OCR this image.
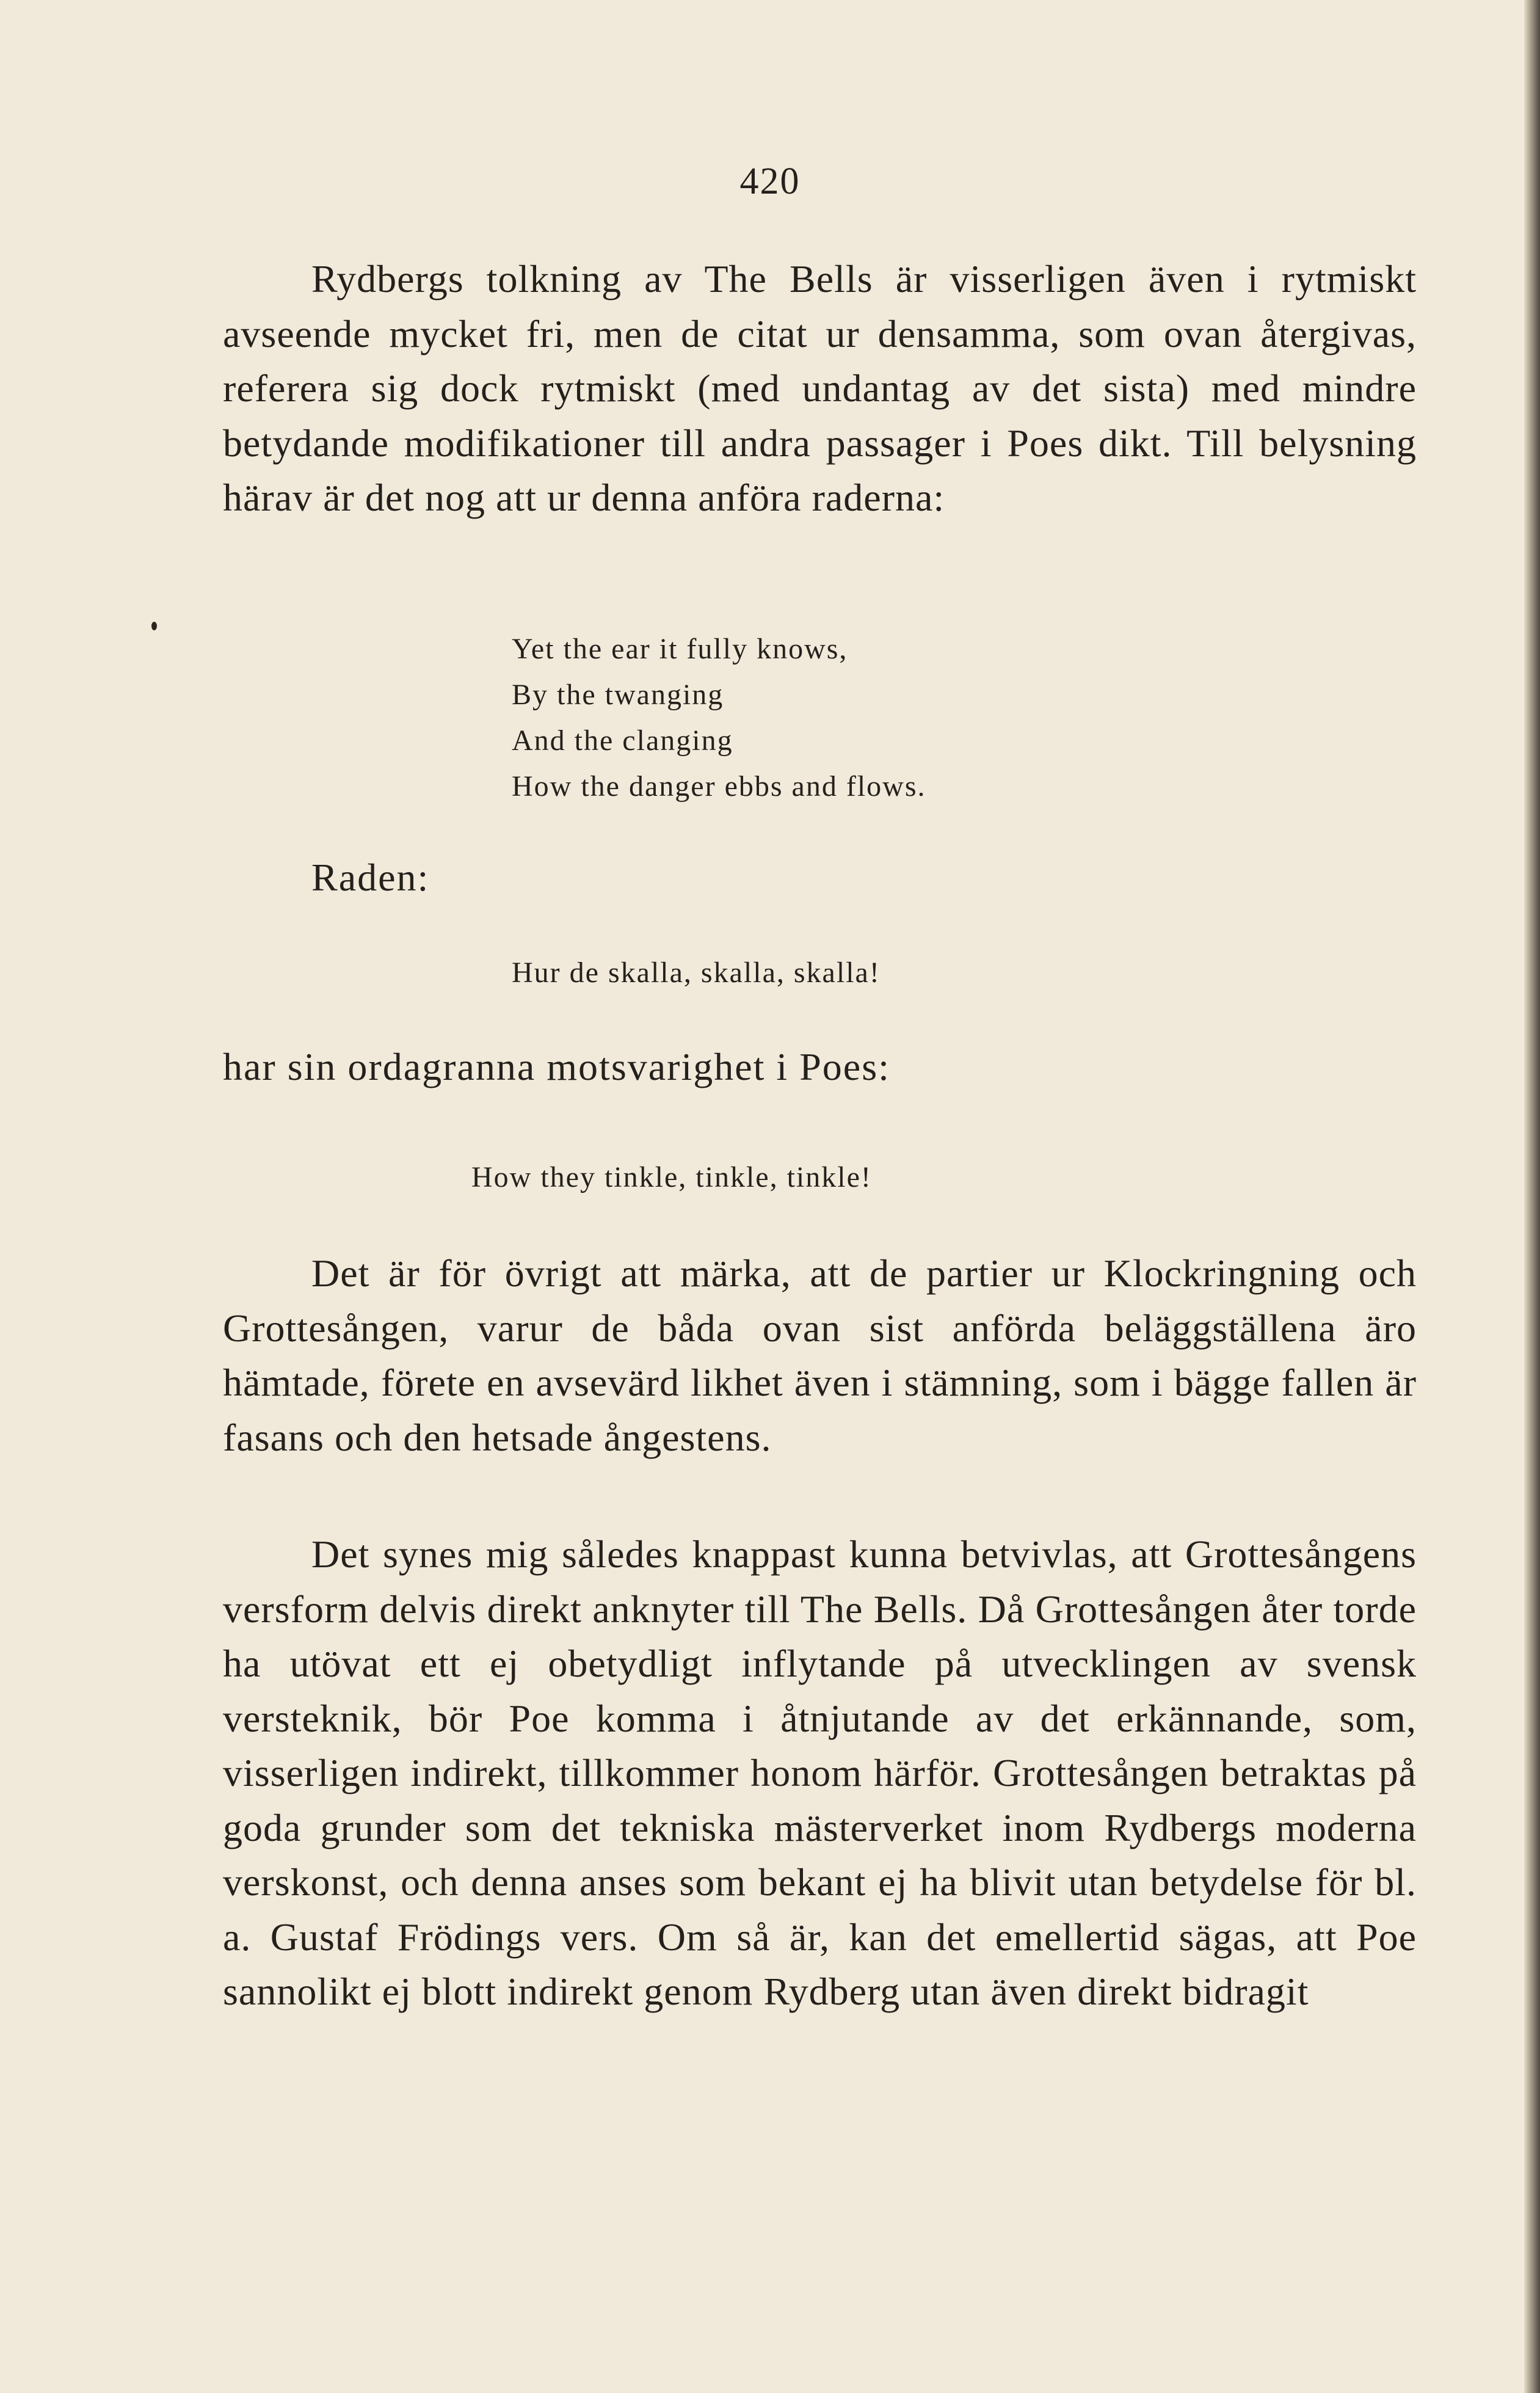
420

Rydbergs tolkning av The Bells är visserligen även i rytmiskt avseende mycket fri, men de citat ur densamma, som ovan återgivas, referera sig dock rytmiskt (med undantag av det sista) med mindre betydande modifikationer till andra passager i Poes dikt. Till belysning härav är det nog att ur denna anföra raderna:

Yet the ear it fully knows,
By the twanging
And the clanging
How the danger ebbs and flows.

Raden:

Hur de skalla, skalla, skalla!

har sin ordagranna motsvarighet i Poes:

How they tinkle, tinkle, tinkle!

Det är för övrigt att märka, att de partier ur Klockringning och Grottesången, varur de båda ovan sist anförda beläggställena äro hämtade, förete en avsevärd likhet även i stämning, som i bägge fallen är fasans och den hetsade ångestens.

Det synes mig således knappast kunna betvivlas, att Grottesångens versform delvis direkt anknyter till The Bells. Då Grottesången åter torde ha utövat ett ej obetydligt inflytande på utvecklingen av svensk versteknik, bör Poe komma i åtnjutande av det erkännande, som, visserligen indirekt, tillkommer honom härför. Grottesången betraktas på goda grunder som det tekniska mästerverket inom Rydbergs moderna verskonst, och denna anses som bekant ej ha blivit utan betydelse för bl. a. Gustaf Frödings vers. Om så är, kan det emellertid sägas, att Poe sannolikt ej blott indirekt genom Rydberg utan även direkt bidragit
